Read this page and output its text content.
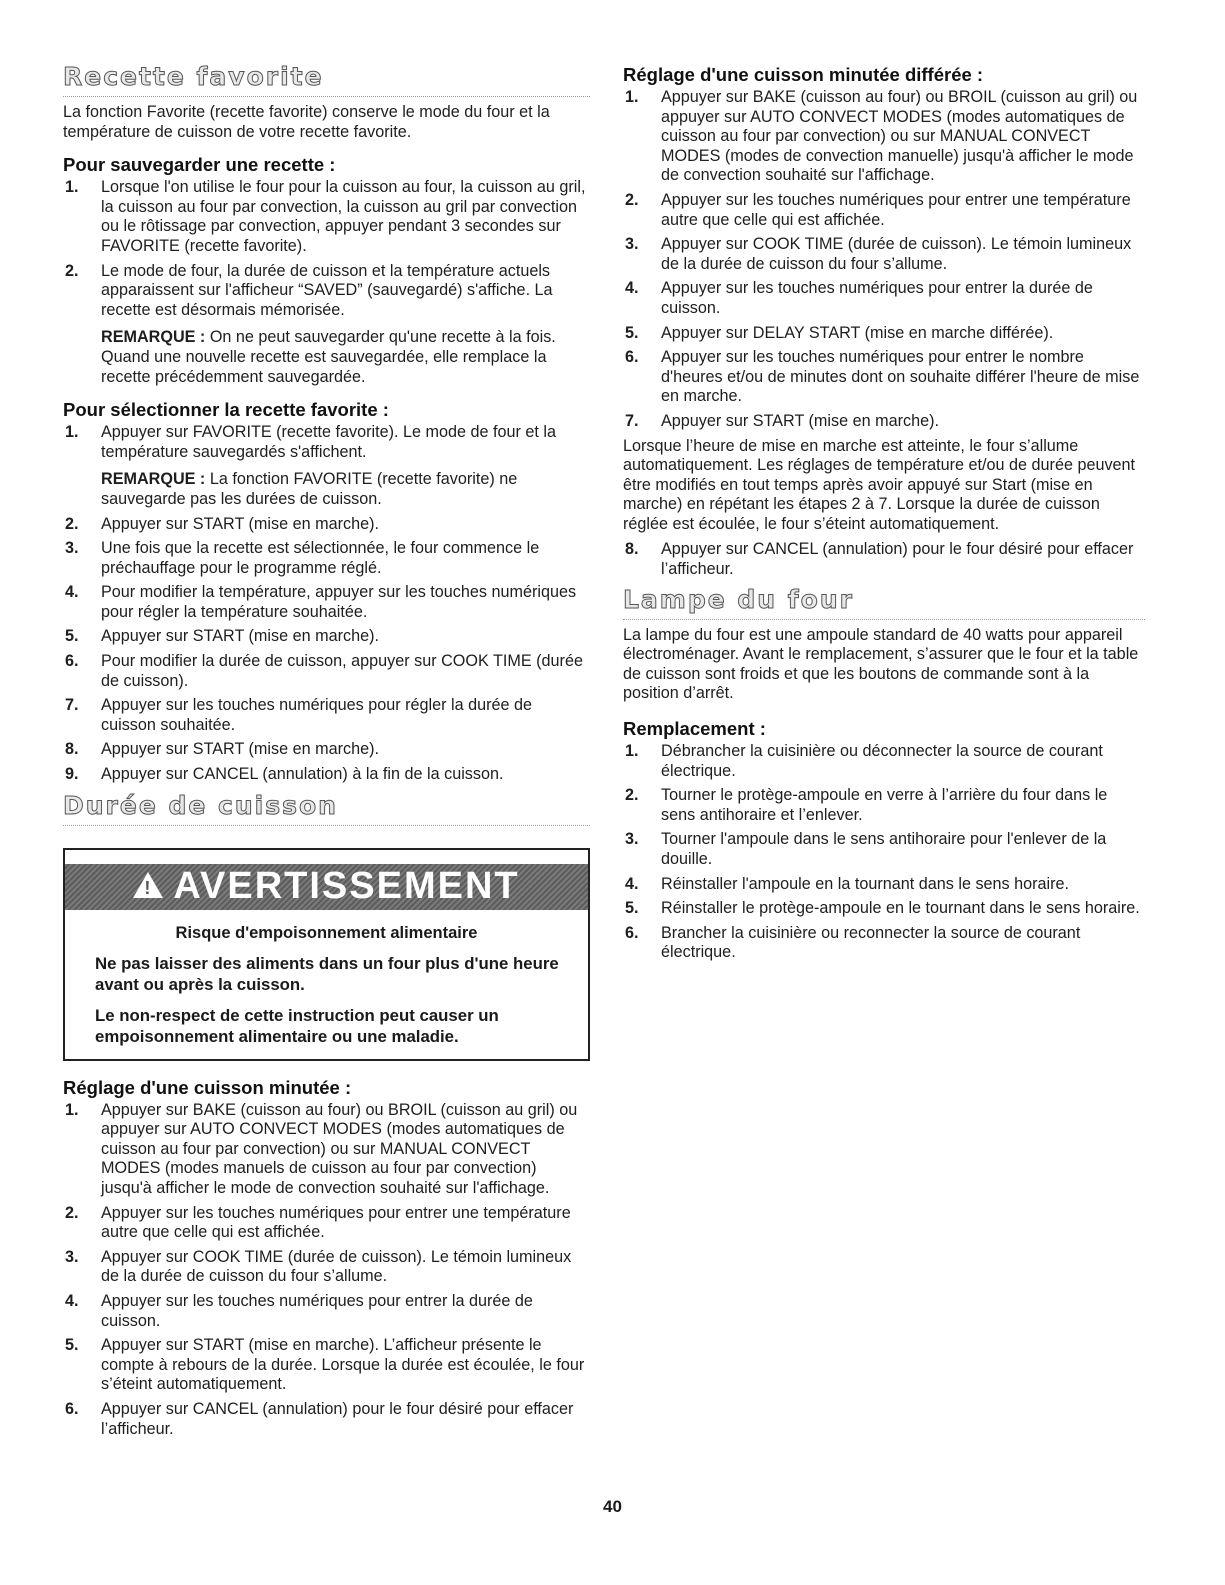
Recette favorite

La fonction Favorite (recette favorite) conserve le mode du four et la température de cuisson de votre recette favorite.

Pour sauvegarder une recette :
1. Lorsque l'on utilise le four pour la cuisson au four, la cuisson au gril, la cuisson au four par convection, la cuisson au gril par convection ou le rôtissage par convection, appuyer pendant 3 secondes sur FAVORITE (recette favorite).
2. Le mode de four, la durée de cuisson et la température actuels apparaissent sur l'afficheur “SAVED” (sauvegardé) s'affiche. La recette est désormais mémorisée.
REMARQUE : On ne peut sauvegarder qu'une recette à la fois. Quand une nouvelle recette est sauvegardée, elle remplace la recette précédemment sauvegardée.
Pour sélectionner la recette favorite :
1. Appuyer sur FAVORITE (recette favorite). Le mode de four et la température sauvegardés s'affichent.
REMARQUE : La fonction FAVORITE (recette favorite) ne sauvegarde pas les durées de cuisson.
2. Appuyer sur START (mise en marche).
3. Une fois que la recette est sélectionnée, le four commence le préchauffage pour le programme réglé.
4. Pour modifier la température, appuyer sur les touches numériques pour régler la température souhaitée.
5. Appuyer sur START (mise en marche).
6. Pour modifier la durée de cuisson, appuyer sur COOK TIME (durée de cuisson).
7. Appuyer sur les touches numériques pour régler la durée de cuisson souhaitée.
8. Appuyer sur START (mise en marche).
9. Appuyer sur CANCEL (annulation) à la fin de la cuisson.
Durée de cuisson
!
AVERTISSEMENT
Risque d'empoisonnement alimentaire

Ne pas laisser des aliments dans un four plus d'une heure avant ou après la cuisson.

Le non-respect de cette instruction peut causer un empoisonnement alimentaire ou une maladie.

Réglage d'une cuisson minutée :
1. Appuyer sur BAKE (cuisson au four) ou BROIL (cuisson au gril) ou appuyer sur AUTO CONVECT MODES (modes automatiques de cuisson au four par convection) ou sur MANUAL CONVECT MODES (modes manuels de cuisson au four par convection) jusqu'à afficher le mode de convection souhaité sur l'affichage.
2. Appuyer sur les touches numériques pour entrer une température autre que celle qui est affichée.
3. Appuyer sur COOK TIME (durée de cuisson). Le témoin lumineux de la durée de cuisson du four s’allume.
4. Appuyer sur les touches numériques pour entrer la durée de cuisson.
5. Appuyer sur START (mise en marche). L’afficheur présente le compte à rebours de la durée. Lorsque la durée est écoulée, le four s’éteint automatiquement.
6. Appuyer sur CANCEL (annulation) pour le four désiré pour effacer l’afficheur.
Réglage d'une cuisson minutée différée :
1. Appuyer sur BAKE (cuisson au four) ou BROIL (cuisson au gril) ou appuyer sur AUTO CONVECT MODES (modes automatiques de cuisson au four par convection) ou sur MANUAL CONVECT MODES (modes de convection manuelle) jusqu'à afficher le mode de convection souhaité sur l'affichage.
2. Appuyer sur les touches numériques pour entrer une température autre que celle qui est affichée.
3. Appuyer sur COOK TIME (durée de cuisson). Le témoin lumineux de la durée de cuisson du four s’allume.
4. Appuyer sur les touches numériques pour entrer la durée de cuisson.
5. Appuyer sur DELAY START (mise en marche différée).
6. Appuyer sur les touches numériques pour entrer le nombre d'heures et/ou de minutes dont on souhaite différer l'heure de mise en marche.
7. Appuyer sur START (mise en marche).

Lorsque l’heure de mise en marche est atteinte, le four s’allume automatiquement. Les réglages de température et/ou de durée peuvent être modifiés en tout temps après avoir appuyé sur Start (mise en marche) en répétant les étapes 2 à 7. Lorsque la durée de cuisson réglée est écoulée, le four s’éteint automatiquement.

8. Appuyer sur CANCEL (annulation) pour le four désiré pour effacer l’afficheur.
Lampe du four

La lampe du four est une ampoule standard de 40 watts pour appareil électroménager. Avant le remplacement, s’assurer que le four et la table de cuisson sont froids et que les boutons de commande sont à la position d’arrêt.

Remplacement :
1. Débrancher la cuisinière ou déconnecter la source de courant électrique.
2. Tourner le protège-ampoule en verre à l’arrière du four dans le sens antihoraire et l’enlever.
3. Tourner l'ampoule dans le sens antihoraire pour l'enlever de la douille.
4. Réinstaller l'ampoule en la tournant dans le sens horaire.
5. Réinstaller le protège-ampoule en le tournant dans le sens horaire.
6. Brancher la cuisinière ou reconnecter la source de courant électrique.
40
